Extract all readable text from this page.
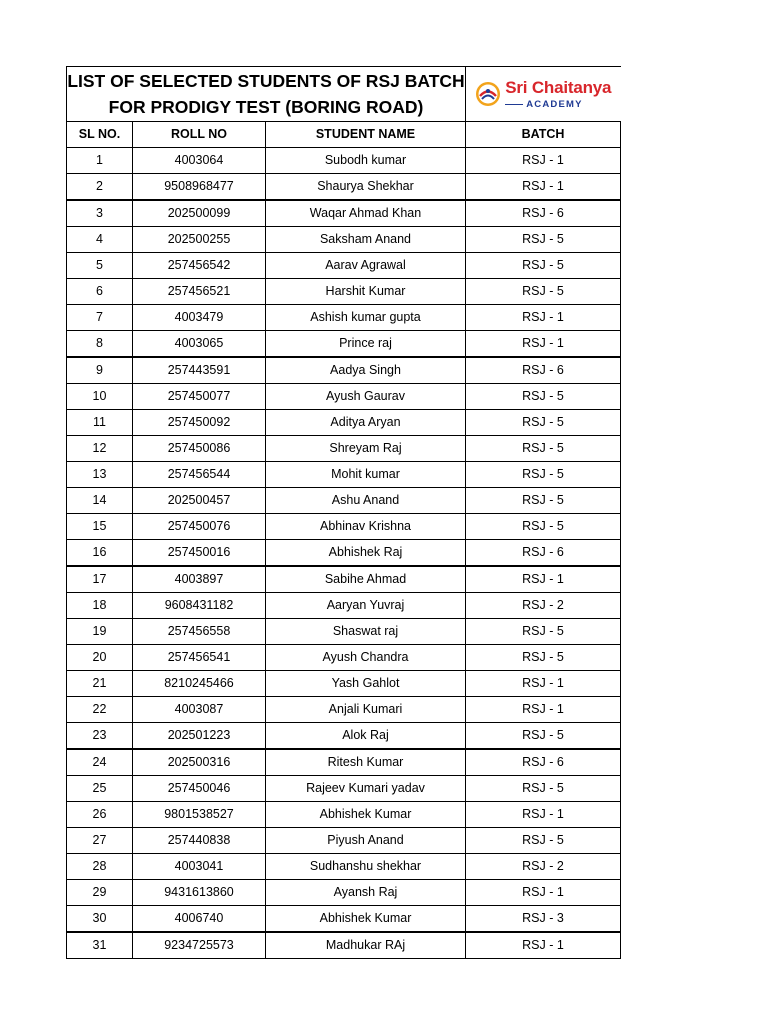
LIST OF SELECTED STUDENTS OF RSJ BATCH FOR PRODIGY TEST (BORING ROAD)			Sri Chaitanya
ACADEMY

SL NO.	ROLL NO	STUDENT NAME	BATCH
1	4003064	Subodh kumar	RSJ - 1
2	9508968477	Shaurya Shekhar	RSJ - 1
3	202500099	Waqar Ahmad Khan	RSJ - 6
4	202500255	Saksham Anand	RSJ - 5
5	257456542	Aarav Agrawal	RSJ - 5
6	257456521	Harshit Kumar	RSJ - 5
7	4003479	Ashish kumar gupta	RSJ - 1
8	4003065	Prince raj	RSJ - 1
9	257443591	Aadya Singh	RSJ - 6
10	257450077	Ayush Gaurav	RSJ - 5
11	257450092	Aditya Aryan	RSJ - 5
12	257450086	Shreyam Raj	RSJ - 5
13	257456544	Mohit kumar	RSJ - 5
14	202500457	Ashu Anand	RSJ - 5
15	257450076	Abhinav Krishna	RSJ - 5
16	257450016	Abhishek Raj	RSJ - 6
17	4003897	Sabihe Ahmad	RSJ - 1
18	9608431182	Aaryan Yuvraj	RSJ - 2
19	257456558	Shaswat raj	RSJ - 5
20	257456541	Ayush Chandra	RSJ - 5
21	8210245466	Yash Gahlot	RSJ - 1
22	4003087	Anjali Kumari	RSJ - 1
23	202501223	Alok Raj	RSJ - 5
24	202500316	Ritesh Kumar	RSJ - 6
25	257450046	Rajeev Kumari yadav	RSJ - 5
26	9801538527	Abhishek Kumar	RSJ - 1
27	257440838	Piyush Anand	RSJ - 5
28	4003041	Sudhanshu shekhar	RSJ - 2
29	9431613860	Ayansh Raj	RSJ - 1
30	4006740	Abhishek Kumar	RSJ - 3
31	9234725573	Madhukar RAj	RSJ - 1
